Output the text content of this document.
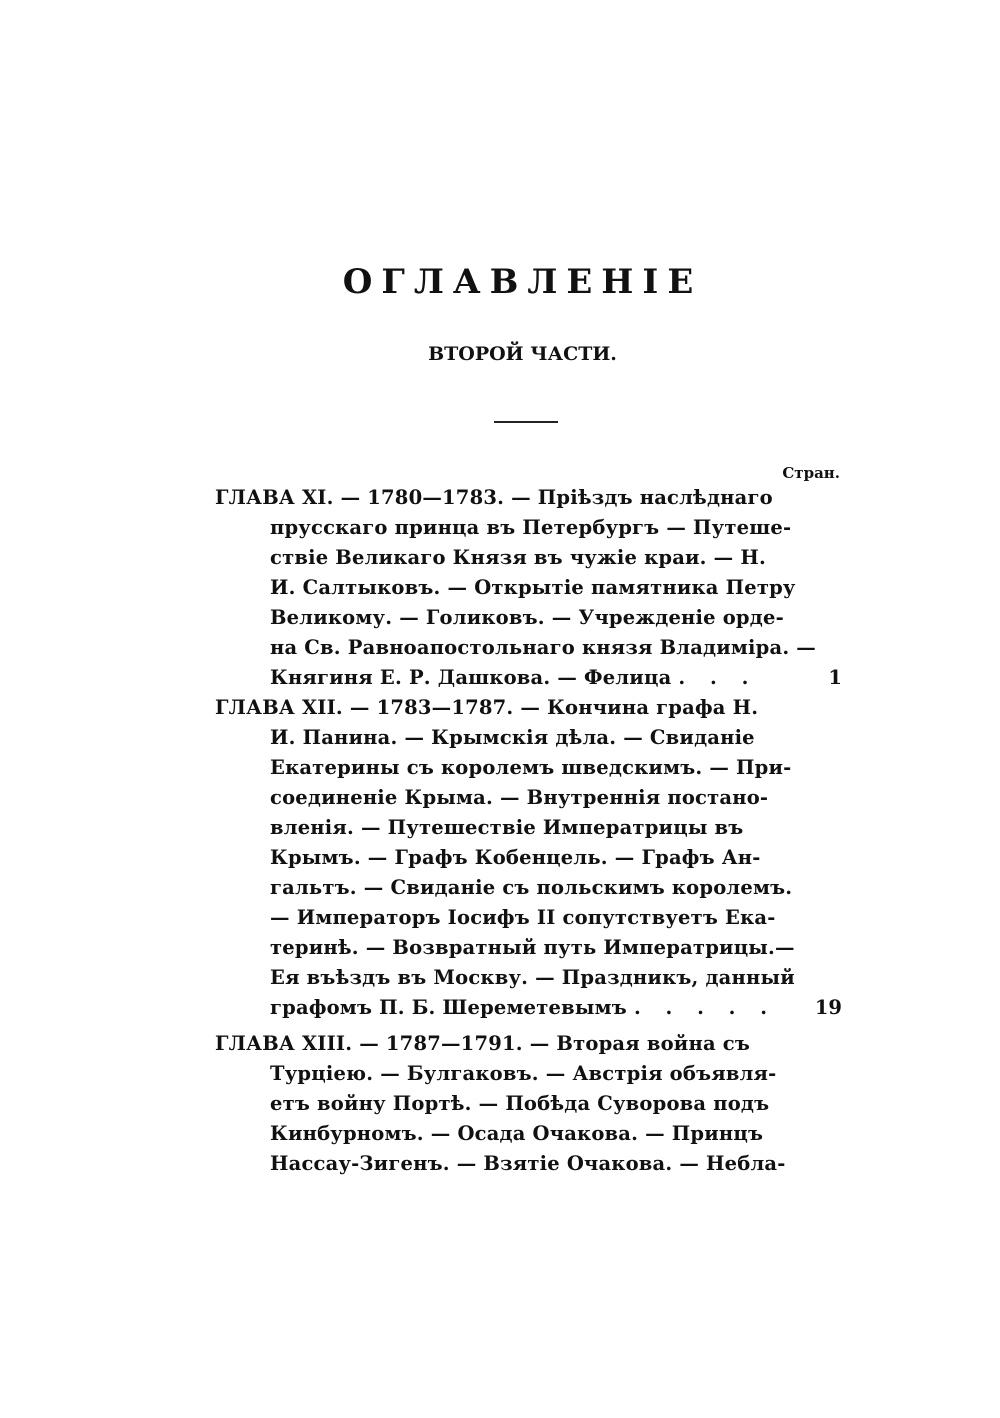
ОГЛАВЛЕНІЕ
ВТОРОЙ ЧАСТИ.
Стран.
ГЛАВА XI. — 1780—1783. — Пріѣздъ наслѣднаго
прусскаго принца въ Петербургъ — Путеше-
ствіе Великаго Князя въ чужіе краи. — Н.
И. Салтыковъ. — Открытіе памятника Петру
Великому. — Голиковъ. — Учрежденіе орде-
на Св. Равноапостольнаго князя Владиміра. —
Княгиня Е. Р. Дашкова. — Фелица . . .	1
ГЛАВА XII. — 1783—1787. — Кончина графа Н.
И. Панина. — Крымскія дѣла. — Свиданіе
Екатерины съ королемъ шведскимъ. — При-
соединеніе Крыма. — Внутреннія постано-
вленія. — Путешествіе Императрицы въ
Крымъ. — Графъ Кобенцель. — Графъ Ан-
гальтъ. — Свиданіе съ польскимъ королемъ.
— Императоръ Іосифъ II сопутствуетъ Ека-
теринѣ. — Возвратный путь Императрицы.—
Ея въѣздъ въ Москву. — Праздникъ, данный
графомъ П. Б. Шереметевымъ . . . . . 19
ГЛАВА XIII. — 1787—1791. — Вторая война съ
Турціею. — Булгаковъ. — Австрія объявля-
етъ войну Портѣ. — Побѣда Суворова подъ
Кинбурномъ. — Осада Очакова. — Принцъ
Нассау-Зигенъ. — Взятіе Очакова. — Небла-
